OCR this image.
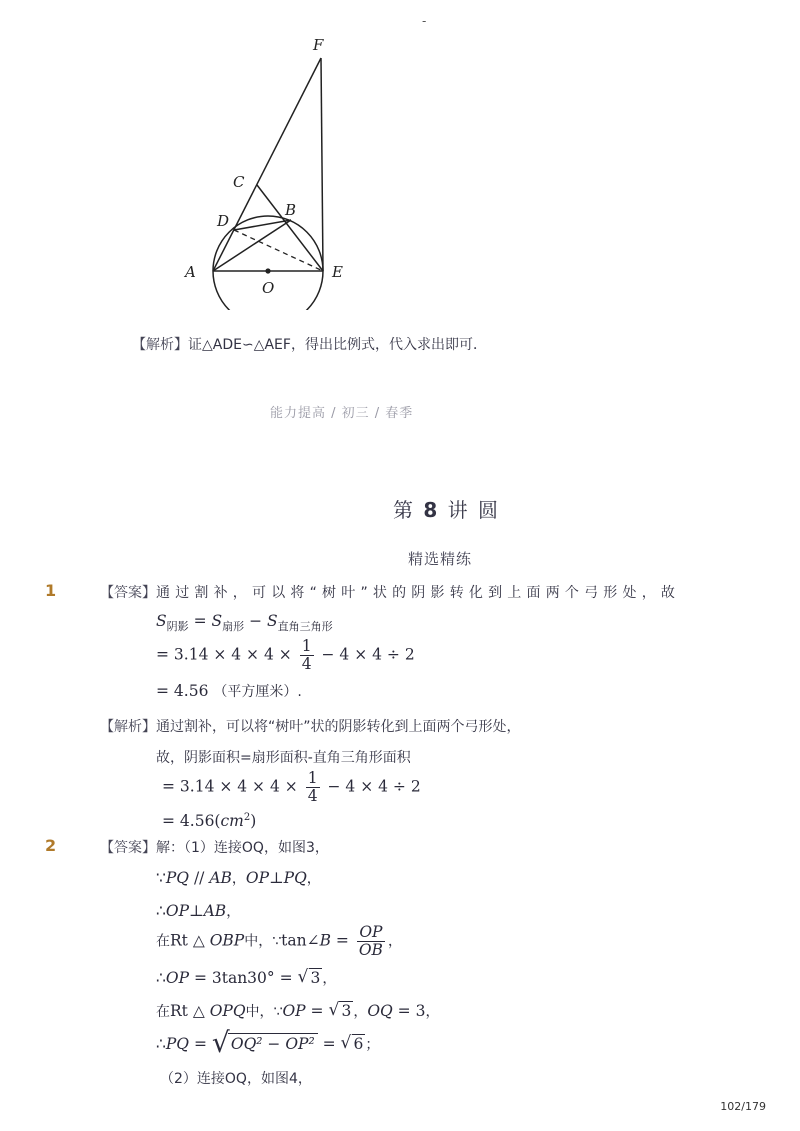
-
F
C
D
B
A
O
E
【解析】证△ADE∽△AEF，得出比例式，代入求出即可．
能力提高 / 初三 / 春季
第 8 讲 圆
精选精练
1	【答案】通过割补，可以将“树叶”状的阴影转化到上面两个弓形处，故
$S_{阴影} = S_{扇形} - S_{直角三角形}$
= $3.14 \times 4 \times 4 \times \frac{1}{4} - 4 \times 4 \div 2$
= 4.56 （平方厘米）.
【解析】通过割补，可以将“树叶”状的阴影转化到上面两个弓形处，
故，阴影面积=扇形面积-直角三角形面积
= $3.14 \times 4 \times 4 \times \frac{1}{4} - 4 \times 4 \div 2$
= $4.56(cm^2)$
2	【答案】解：（1）连接OQ，如图3，
∵PQ // AB，OP⊥PQ，
∴OP⊥AB，
在Rt △ OBP中，∵tan∠B = $\frac{OP}{OB}$ ，
∴OP = 3tan30° = √ 3 ，
在Rt △ OPQ中，∵OP = √ 3 ，OQ = 3，
∴PQ = √ OQ² − OP² = √ 6 ；
（2）连接OQ，如图4，
102/179
